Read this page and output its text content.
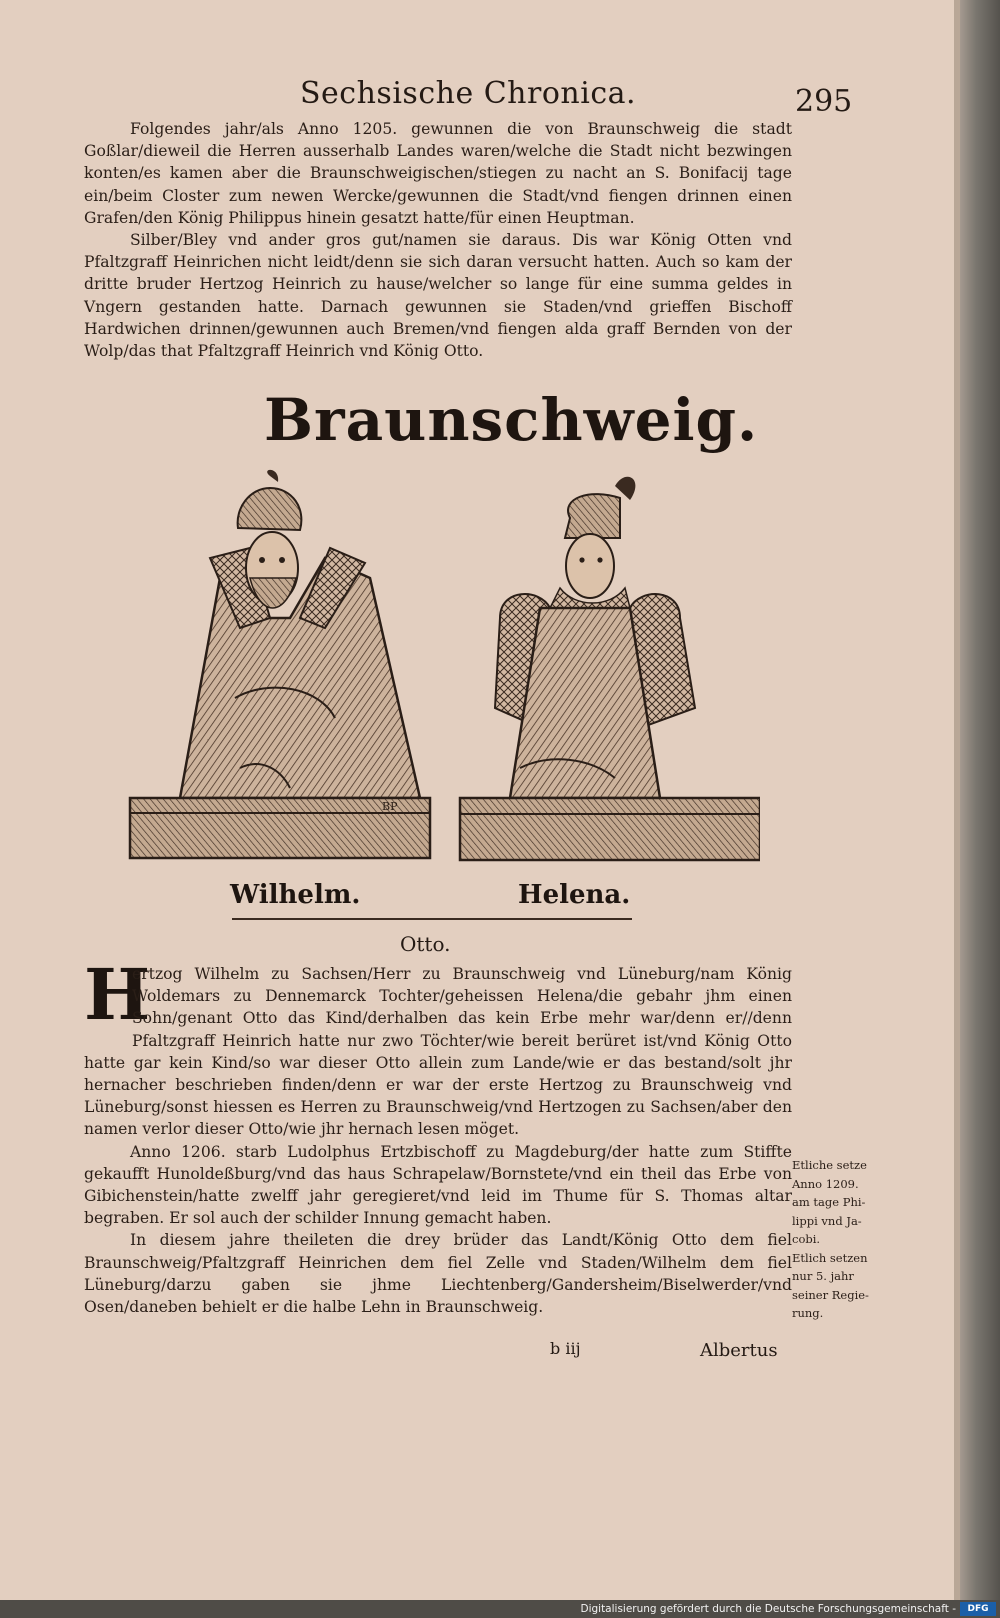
Sechsische Chronica.	295

Folgendes jahr/als Anno 1205. gewunnen die von Braunschweig die stadt Goßlar/dieweil die Herren ausserhalb Landes waren/welche die Stadt nicht bezwingen konten/es kamen aber die Braunschweigischen/stiegen zu nacht an S. Bonifacij tage ein/beim Closter zum newen Wercke/gewunnen die Stadt/vnd fiengen drinnen einen Grafen/den König Philippus hinein gesatzt hatte/für einen Heuptman.

Silber/Bley vnd ander gros gut/namen sie daraus. Dis war König Otten vnd Pfaltzgraff Heinrichen nicht leidt/denn sie sich daran versucht hatten. Auch so kam der dritte bruder Hertzog Heinrich zu hause/welcher so lange für eine summa geldes in Vngern gestanden hatte. Darnach gewunnen sie Staden/vnd grieffen Bischoff Hardwichen drinnen/gewunnen auch Bremen/vnd fiengen alda graff Bernden von der Wolp/das that Pfaltzgraff Heinrich vnd König Otto.

Braunschweig.
BP
Wilhelm.	Helena.
Otto.

H
ertzog Wilhelm zu Sachsen/Herr zu Braunschweig vnd Lüneburg/nam König Woldemars zu Dennemarck Tochter/geheissen Helena/die gebahr jhm einen Sohn/genant Otto das Kind/derhalben das kein Erbe mehr war/denn er//denn Pfaltzgraff Heinrich hatte nur zwo Töchter/wie bereit berüret ist/vnd König Otto hatte gar kein Kind/so war dieser Otto allein zum Lande/wie er das bestand/solt jhr hernacher beschrieben finden/denn er war der erste Hertzog zu Braunschweig vnd Lüneburg/sonst hiessen es Herren zu Braunschweig/vnd Hertzogen zu Sachsen/aber den namen verlor dieser Otto/wie jhr hernach lesen möget.

Anno 1206. starb Ludolphus Ertzbischoff zu Magdeburg/der hatte zum Stiffte gekaufft Hunoldeßburg/vnd das haus Schrapelaw/Bornstete/vnd ein theil das Erbe von Gibichenstein/hatte zwelff jahr geregieret/vnd leid im Thume für S. Thomas altar begraben. Er sol auch der schilder Innung gemacht haben.

In diesem jahre theileten die drey brüder das Landt/König Otto dem fiel Braunschweig/Pfaltzgraff Heinrichen dem fiel Zelle vnd Staden/Wilhelm dem fiel Lüneburg/darzu gaben sie jhme Liechtenberg/Gandersheim/Biselwerder/vnd Osen/daneben behielt er die halbe Lehn in Braunschweig.

Etliche setze
Anno 1209.
am tage Phi-
lippi vnd Ja-
cobi.
Etlich setzen
nur 5. jahr
seiner Regie-
rung.
b iij	Albertus
Digitalisierung gefördert durch die Deutsche Forschungsgemeinschaft -	DFG
